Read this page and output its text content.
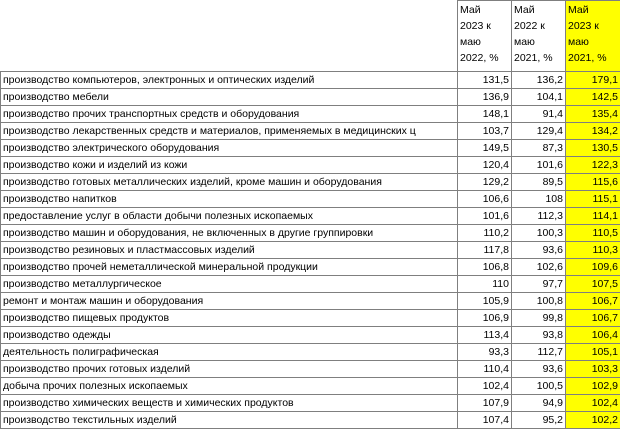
	Май
2023 к
маю
2022, %	Май
2022 к
маю
2021, %	Май
2023 к
маю
2021, %

производство компьютеров, электронных и оптических изделий	131,5	136,2	179,1
производство мебели	136,9	104,1	142,5
производство прочих транспортных средств и оборудования	148,1	91,4	135,4
производство лекарственных средств и материалов, применяемых в медицинских ц	103,7	129,4	134,2
производство электрического оборудования	149,5	87,3	130,5
производство кожи и изделий из кожи	120,4	101,6	122,3
производство готовых металлических изделий, кроме машин и оборудования	129,2	89,5	115,6
производство напитков	106,6	108	115,1
предоставление услуг в области добычи полезных ископаемых	101,6	112,3	114,1
производство машин и оборудования, не включенных в другие группировки	110,2	100,3	110,5
производство резиновых и пластмассовых изделий	117,8	93,6	110,3
производство прочей неметаллической минеральной продукции	106,8	102,6	109,6
производство металлургическое	110	97,7	107,5
ремонт и монтаж машин и оборудования	105,9	100,8	106,7
производство пищевых продуктов	106,9	99,8	106,7
производство одежды	113,4	93,8	106,4
деятельность полиграфическая	93,3	112,7	105,1
производство прочих готовых изделий	110,4	93,6	103,3
добыча прочих полезных ископаемых	102,4	100,5	102,9
производство химических веществ и химических продуктов	107,9	94,9	102,4
производство текстильных изделий	107,4	95,2	102,2
